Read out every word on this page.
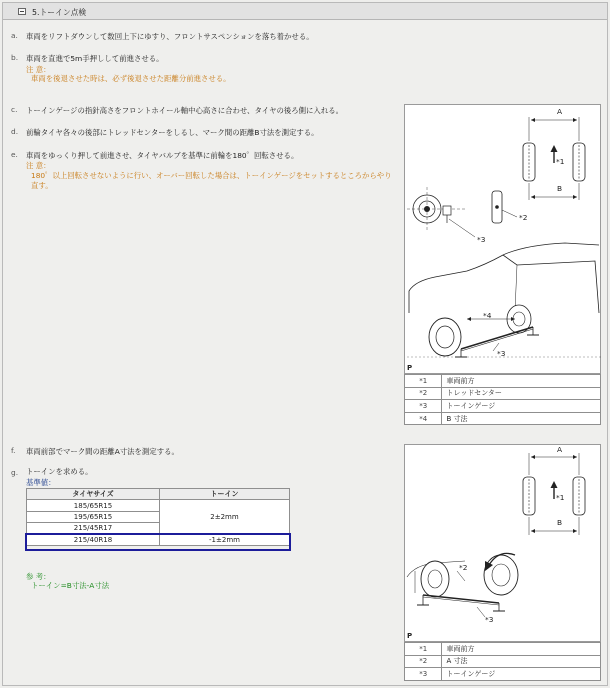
5.トーイン点検
a. 車両をリフトダウンして数回上下にゆすり、フロントサスペンションを落ち着かせる。
b. 車両を直進で5m手押しして前進させる。
注 意：
車両を後退させた時は、必ず後退させた距離分前進させる。
c. トーインゲージの指針高さをフロントホイール軸中心高さに合わせ、タイヤの後ろ側に入れる。
d. 前輪タイヤ各々の後部にトレッドセンターをしるし、マーク間の距離B寸法を測定する。
e. 車両をゆっくり押して前進させ、タイヤバルブを基準に前輪を180゜回転させる。
注 意：
180゜以上回転させないように行い、オーバー回転した場合は、トーインゲージをセットするところからやり
直す。
f. 車両前部でマーク間の距離A寸法を測定する。
g. トーインを求める。
基準値：
タイヤサイズ	トーイン
185/65R15	2±2mm
195/65R15	
215/45R17	
215/40R18	-1±2mm
参 考：
トーイン=B寸法-A寸法
A
B
*1
*2
*3
*4
*3
P
*1	車両前方
*2	トレッドセンター
*3	トーインゲージ
*4	B 寸法
A
B
*1
*2
*3
P
*1	車両前方
*2	A 寸法
*3	トーインゲージ
